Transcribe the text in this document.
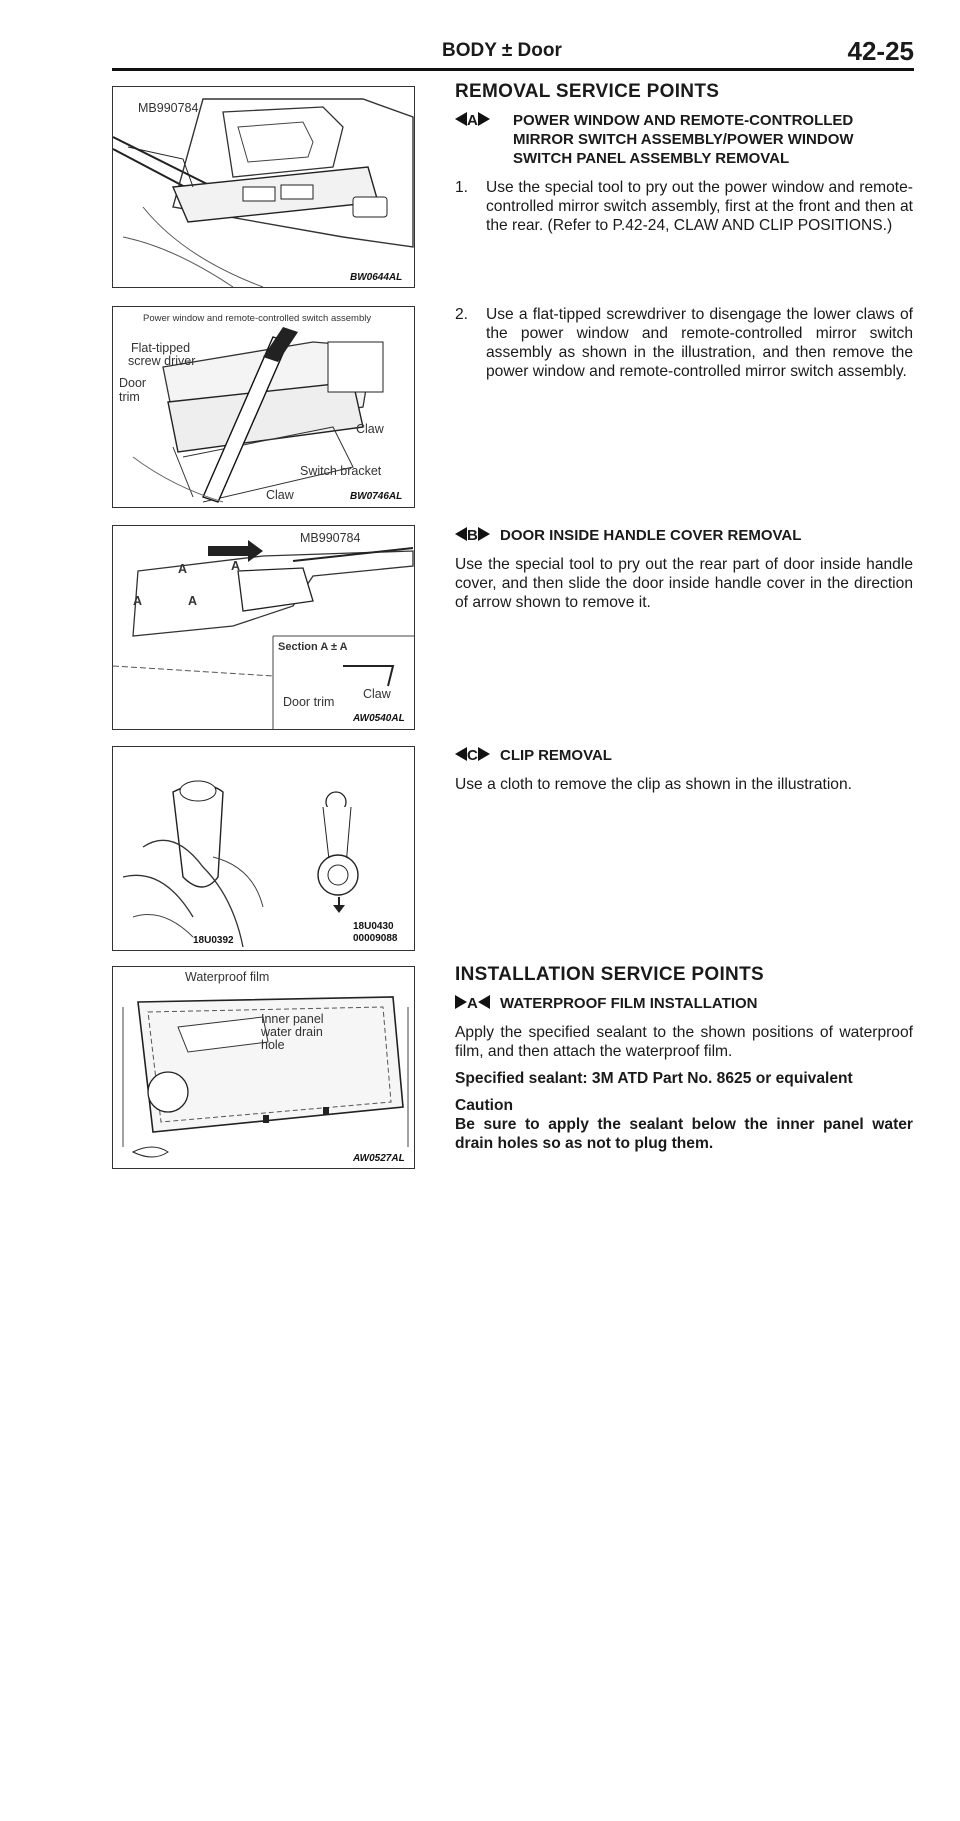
BODY ± Door	42-25
MB990784
BW0644AL
Power window and remote-controlled switch assembly
Flat-tipped
screw driver
Door
trim
Claw
Switch bracket
Claw	BW0746AL
MB990784
A	A
A	A
Section A ± A
Door trim
Claw
AW0540AL
18U0392
18U0430
00009088
Waterproof film
Inner panel
water drain
hole
AW0527AL
REMOVAL SERVICE POINTS
A	POWER WINDOW AND REMOTE-CONTROLLED MIRROR SWITCH ASSEMBLY/POWER WINDOW SWITCH PANEL ASSEMBLY REMOVAL
1. Use the special tool to pry out the power window and remote-controlled mirror switch assembly, first at the front and then at the rear. (Refer to P.42-24, CLAW AND CLIP POSITIONS.)
2. Use a flat-tipped screwdriver to disengage the lower claws of the power window and remote-controlled mirror switch assembly as shown in the illustration, and then remove the power window and remote-controlled mirror switch assembly.
B DOOR INSIDE HANDLE COVER REMOVAL
Use the special tool to pry out the rear part of door inside handle cover, and then slide the door inside handle cover in the direction of arrow shown to remove it.
C CLIP REMOVAL
Use a cloth to remove the clip as shown in the illustration.
INSTALLATION SERVICE POINTS
A WATERPROOF FILM INSTALLATION
Apply the specified sealant to the shown positions of waterproof film, and then attach the waterproof film.
Specified sealant: 3M ATD Part No. 8625 or equivalent
Caution
Be sure to apply the sealant below the inner panel water drain holes so as not to plug them.
